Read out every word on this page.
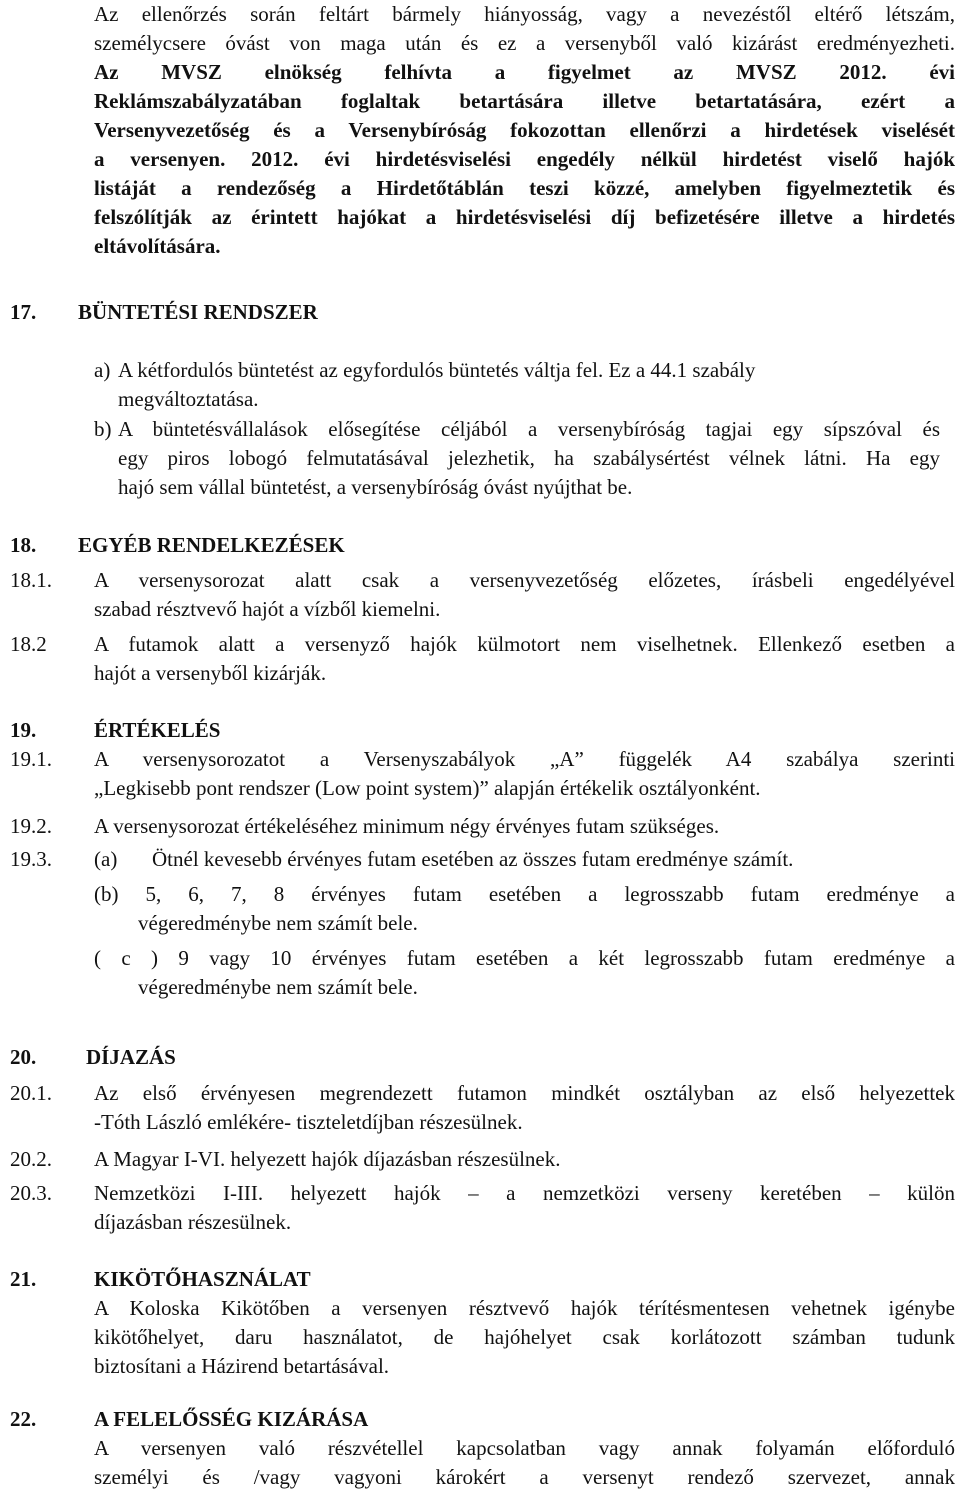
Az ellenőrzés során feltárt bármely hiányosság, vagy a nevezéstől eltérő létszám,
személycsere óvást von maga után és ez a versenyből való kizárást eredményezheti.
Az MVSZ elnökség felhívta a figyelmet az MVSZ 2012. évi
Reklámszabályzatában foglaltak betartására illetve betartatására, ezért a
Versenyvezetőség és a Versenybíróság fokozottan ellenőrzi a hirdetések viselését
a versenyen. 2012. évi hirdetésviselési engedély nélkül hirdetést viselő hajók
listáját a rendezőség a Hirdetőtáblán teszi közzé, amelyben figyelmeztetik és
felszólítják az érintett hajókat a hirdetésviselési díj befizetésére illetve a hirdetés
eltávolítására.
17. BÜNTETÉSI RENDSZER
a) A kétfordulós büntetést az egyfordulós büntetés váltja fel. Ez a 44.1 szabály
megváltoztatása.
b) A büntetésvállalások elősegítése céljából a versenybíróság tagjai egy sípszóval és
egy piros lobogó felmutatásával jelezhetik, ha szabálysértést vélnek látni. Ha egy
hajó sem vállal büntetést, a versenybíróság óvást nyújthat be.
18. EGYÉB RENDELKEZÉSEK
18.1. A versenysorozat alatt csak a versenyvezetőség előzetes, írásbeli engedélyével
szabad résztvevő hajót a vízből kiemelni.
18.2 A futamok alatt a versenyző hajók külmotort nem viselhetnek. Ellenkező esetben a
hajót a versenyből kizárják.
19.	ÉRTÉKELÉS
19.1. A versenysorozatot a Versenyszabályok „A” függelék A4 szabálya szerinti
„Legkisebb pont rendszer (Low point system)” alapján értékelik osztályonként.
19.2. A versenysorozat értékeléséhez minimum négy érvényes futam szükséges.
19.3. (a)	Ötnél kevesebb érvényes futam esetében az összes futam eredménye számít.
(b) 5, 6, 7, 8 érvényes futam esetében a legrosszabb futam eredménye a
végeredménybe nem számít bele.
( c ) 9 vagy 10 érvényes futam esetében a két legrosszabb futam eredménye a
végeredménybe nem számít bele.
20. DÍJAZÁS
20.1. Az első érvényesen megrendezett futamon mindkét osztályban az első helyezettek
-Tóth László emlékére- tiszteletdíjban részesülnek.
20.2. A Magyar I-VI. helyezett hajók díjazásban részesülnek.
20.3. Nemzetközi I-III. helyezett hajók – a nemzetközi verseny keretében – külön
díjazásban részesülnek.
21.	KIKÖTŐHASZNÁLAT
A Koloska Kikötőben a versenyen résztvevő hajók térítésmentesen vehetnek igénybe
kikötőhelyet, daru használatot, de hajóhelyet csak korlátozott számban tudunk
biztosítani a Házirend betartásával.
22.	A FELELŐSSÉG KIZÁRÁSA
A versenyen való részvétellel kapcsolatban vagy annak folyamán előforduló
személyi és /vagy vagyoni károkért a versenyt rendező szervezet, annak
